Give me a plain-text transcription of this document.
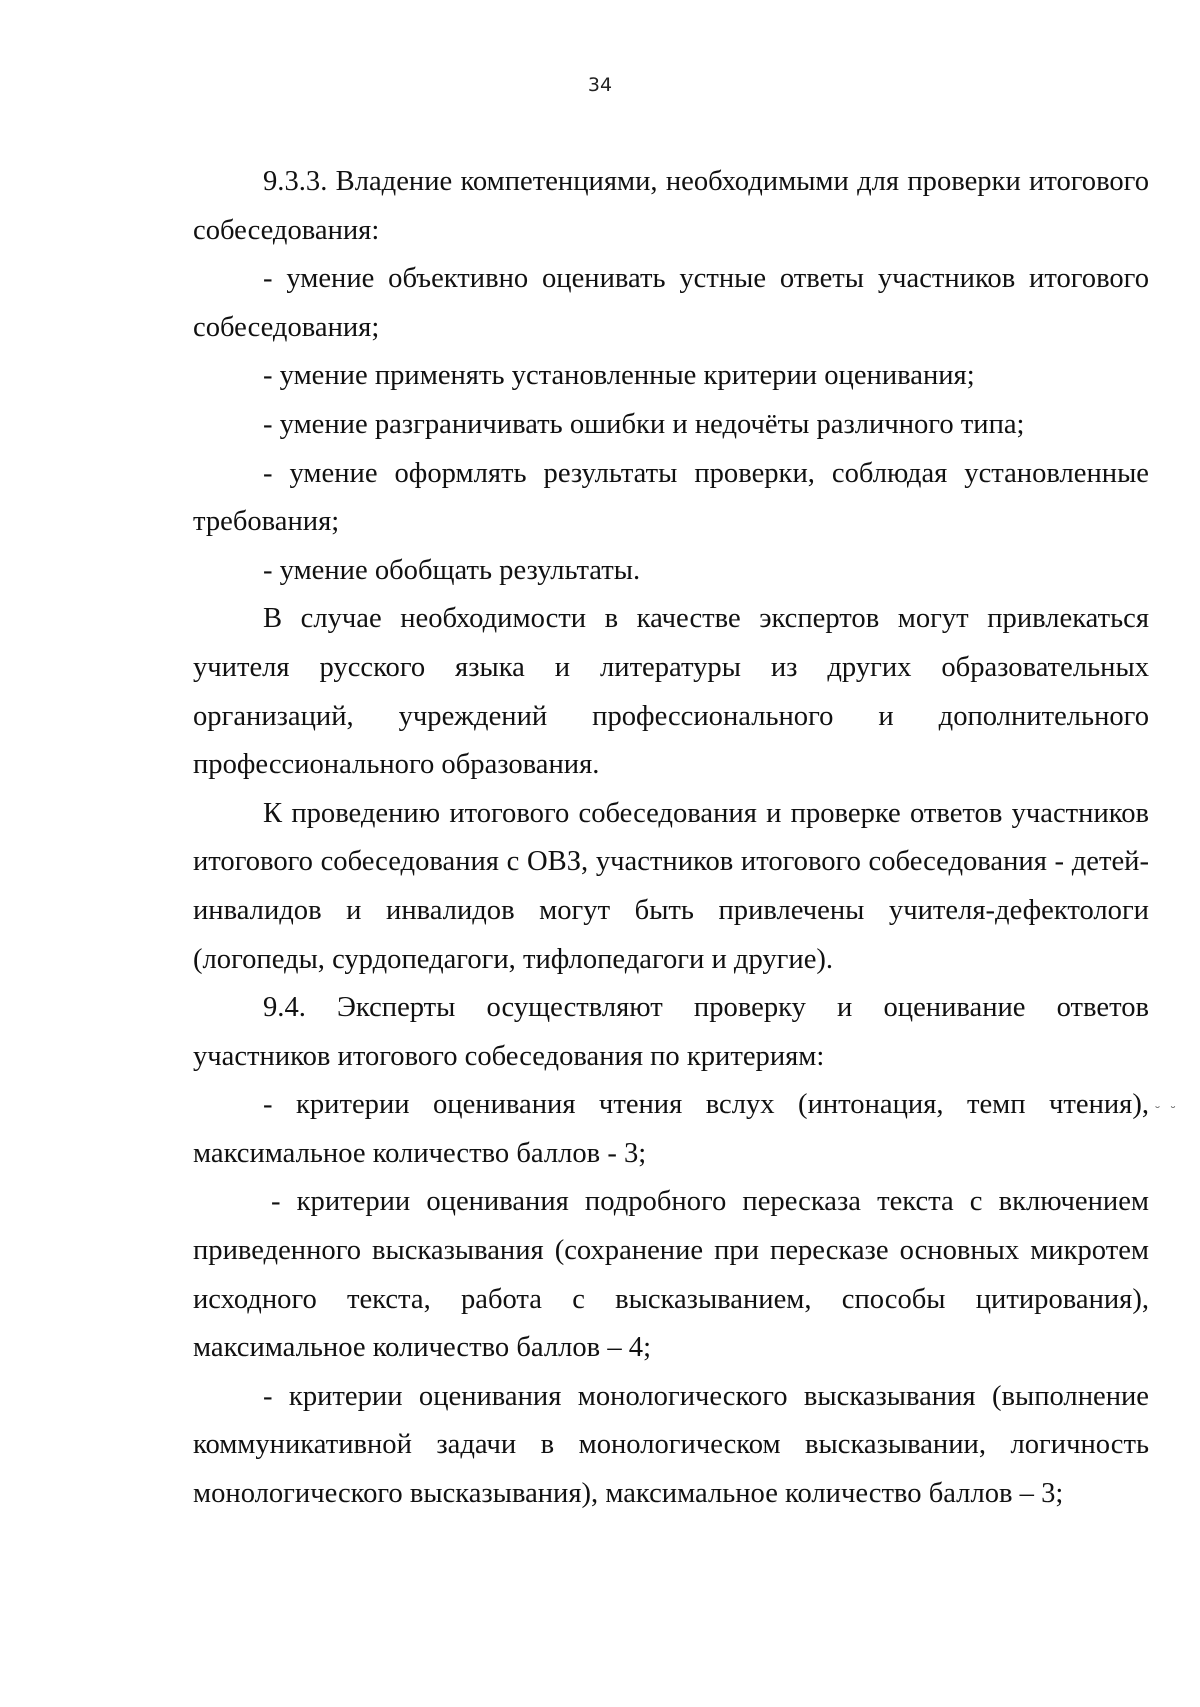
34

9.3.3. Владение компетенциями, необходимыми для проверки итогового собеседования:

- умение объективно оценивать устные ответы участников итогового собеседования;

- умение применять установленные критерии оценивания;

- умение разграничивать ошибки и недочёты различного типа;

- умение оформлять результаты проверки, соблюдая установленные требования;

- умение обобщать результаты.

В случае необходимости в качестве экспертов могут привлекаться учителя русского языка и литературы из других образовательных организаций, учреждений профессионального и дополнительного профессионального образования.

К проведению итогового собеседования и проверке ответов участников итогового собеседования с ОВЗ, участников итогового собеседования - детей-инвалидов и инвалидов могут быть привлечены учителя-дефектологи (логопеды, сурдопедагоги, тифлопедагоги и другие).

9.4. Эксперты осуществляют проверку и оценивание ответов участников итогового собеседования по критериям:

- критерии оценивания чтения вслух (интонация, темп чтения), максимальное количество баллов - 3;

- критерии оценивания подробного пересказа текста с включением приведенного высказывания (сохранение при пересказе основных микротем исходного текста, работа с высказыванием, способы цитирования), максимальное количество баллов – 4;

- критерии оценивания монологического высказывания (выполнение коммуникативной задачи в монологическом высказывании, логичность монологического высказывания), максимальное количество баллов – 3;

˘ ˘
